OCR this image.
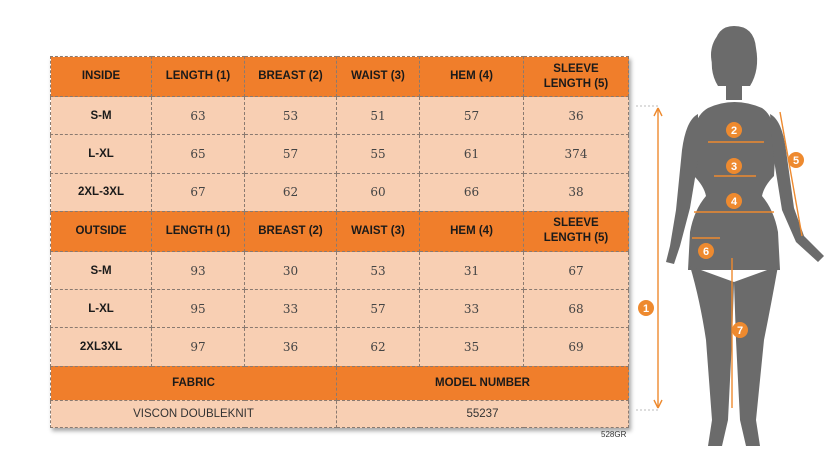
INSIDE	LENGTH (1)	BREAST (2)	WAIST (3)	HEM (4)	SLEEVE
LENGTH (5)
S-M	63	53	51	57	36
L-XL	65	57	55	61	374
2XL-3XL	67	62	60	66	38
OUTSIDE	LENGTH (1)	BREAST (2)	WAIST (3)	HEM (4)	SLEEVE
LENGTH (5)
S-M	93	30	53	31	67
L-XL	95	33	57	33	68
2XL3XL	97	36	62	35	69
FABRIC			MODEL NUMBER		
VISCON DOUBLEKNIT			55237		
528GR
1
2
3
4
5
6
7
